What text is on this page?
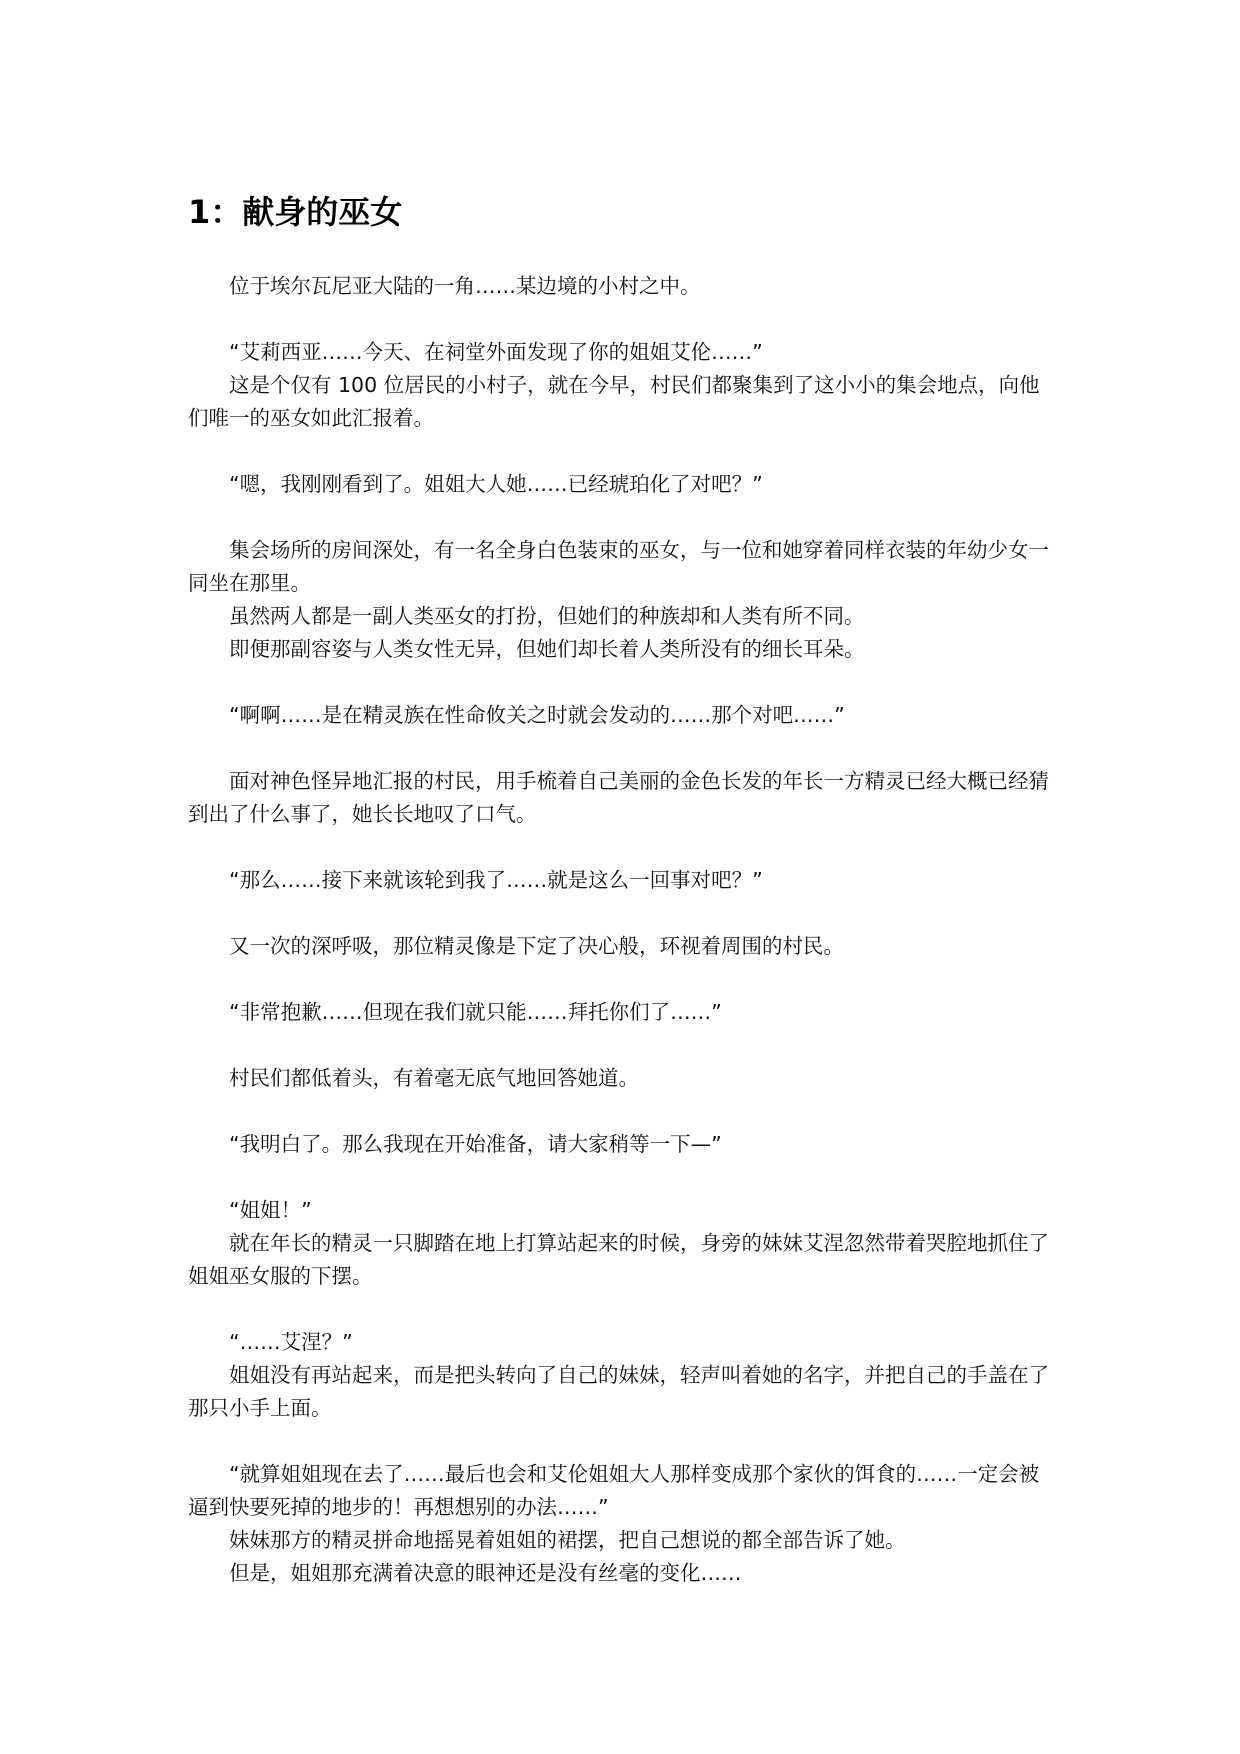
1：献身的巫女

位于埃尔瓦尼亚大陆的一角……某边境的小村之中。

“艾莉西亚……今天、在祠堂外面发现了你的姐姐艾伦……”

这是个仅有 100 位居民的小村子，就在今早，村民们都聚集到了这小小的集会地点，向他们唯一的巫女如此汇报着。

“嗯，我刚刚看到了。姐姐大人她……已经琥珀化了对吧？”

集会场所的房间深处，有一名全身白色装束的巫女，与一位和她穿着同样衣装的年幼少女一同坐在那里。

虽然两人都是一副人类巫女的打扮，但她们的种族却和人类有所不同。

即便那副容姿与人类女性无异，但她们却长着人类所没有的细长耳朵。

“啊啊……是在精灵族在性命攸关之时就会发动的……那个对吧……”

面对神色怪异地汇报的村民，用手梳着自己美丽的金色长发的年长一方精灵已经大概已经猜到出了什么事了，她长长地叹了口气。

“那么……接下来就该轮到我了……就是这么一回事对吧？”

又一次的深呼吸，那位精灵像是下定了决心般，环视着周围的村民。

“非常抱歉……但现在我们就只能……拜托你们了……”

村民们都低着头，有着毫无底气地回答她道。

“我明白了。那么我现在开始准备，请大家稍等一下—”

“姐姐！”

就在年长的精灵一只脚踏在地上打算站起来的时候，身旁的妹妹艾涅忽然带着哭腔地抓住了姐姐巫女服的下摆。

“……艾涅？”

姐姐没有再站起来，而是把头转向了自己的妹妹，轻声叫着她的名字，并把自己的手盖在了那只小手上面。

“就算姐姐现在去了……最后也会和艾伦姐姐大人那样变成那个家伙的饵食的……一定会被逼到快要死掉的地步的！再想想别的办法……”

妹妹那方的精灵拼命地摇晃着姐姐的裙摆，把自己想说的都全部告诉了她。

但是，姐姐那充满着决意的眼神还是没有丝毫的变化……
